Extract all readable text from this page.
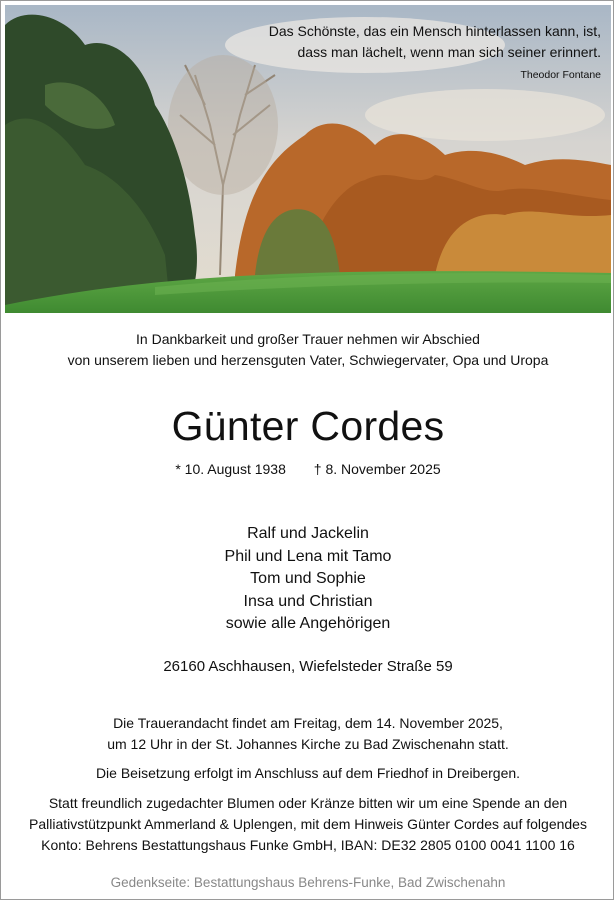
Das Schönste, das ein Mensch hinterlassen kann, ist,
dass man lächelt, wenn man sich seiner erinnert.
Theodor Fontane
In Dankbarkeit und großer Trauer nehmen wir Abschied
von unserem lieben und herzensguten Vater, Schwiegervater, Opa und Uropa
Günter Cordes
* 10. August 1938 † 8. November 2025
Ralf und Jackelin
Phil und Lena mit Tamo
Tom und Sophie
Insa und Christian
sowie alle Angehörigen
26160 Aschhausen, Wiefelsteder Straße 59
Die Trauerandacht findet am Freitag, dem 14. November 2025,
um 12 Uhr in der St. Johannes Kirche zu Bad Zwischenahn statt.
Die Beisetzung erfolgt im Anschluss auf dem Friedhof in Dreibergen.
Statt freundlich zugedachter Blumen oder Kränze bitten wir um eine Spende an den
Palliativstützpunkt Ammerland & Uplengen, mit dem Hinweis Günter Cordes auf folgendes
Konto: Behrens Bestattungshaus Funke GmbH, IBAN: DE32 2805 0100 0041 1100 16
Gedenkseite: Bestattungshaus Behrens-Funke, Bad Zwischenahn
